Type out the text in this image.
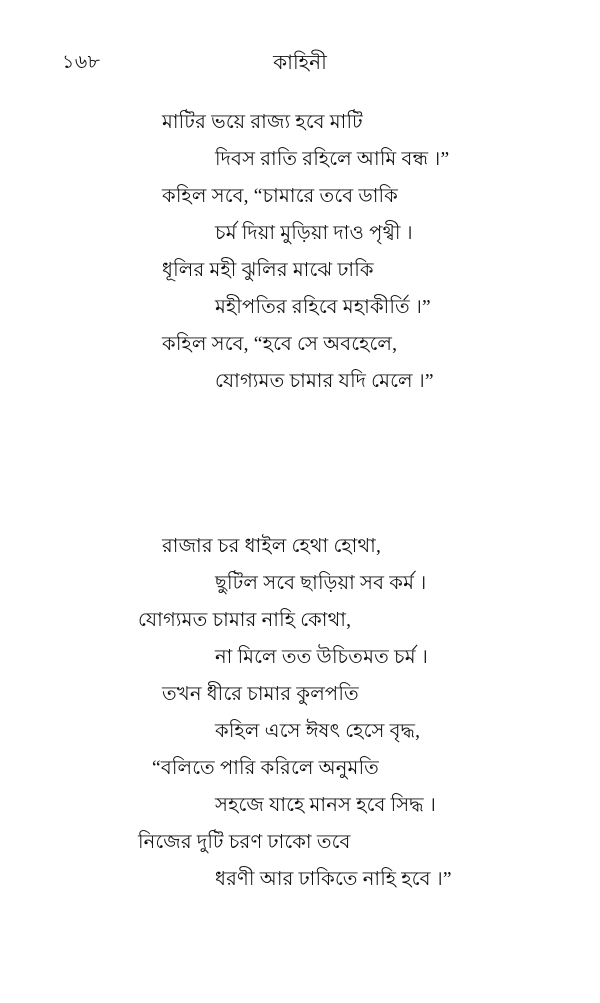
১৬৮	কাহিনী
মাটির ভয়ে রাজ্য হবে মাটি
দিবস রাতি রহিলে আমি বন্ধ ।”
কহিল সবে, “চামারে তবে ডাকি
চর্ম দিয়া মুড়িয়া দাও পৃথ্বী ।
ধূলির মহী ঝুলির মাঝে ঢাকি
মহীপতির রহিবে মহাকীর্তি ।”
কহিল সবে, “হবে সে অবহেলে,
যোগ্যমত চামার যদি মেলে ।”
রাজার চর ধাইল হেথা হোথা,
ছুটিল সবে ছাড়িয়া সব কর্ম ।
যোগ্যমত চামার নাহি কোথা,
না মিলে তত উচিতমত চর্ম ।
তখন ধীরে চামার কুলপতি
কহিল এসে ঈষৎ হেসে বৃদ্ধ,
“বলিতে পারি করিলে অনুমতি
সহজে যাহে মানস হবে সিদ্ধ ।
নিজের দুটি চরণ ঢাকো তবে
ধরণী আর ঢাকিতে নাহি হবে ।”
